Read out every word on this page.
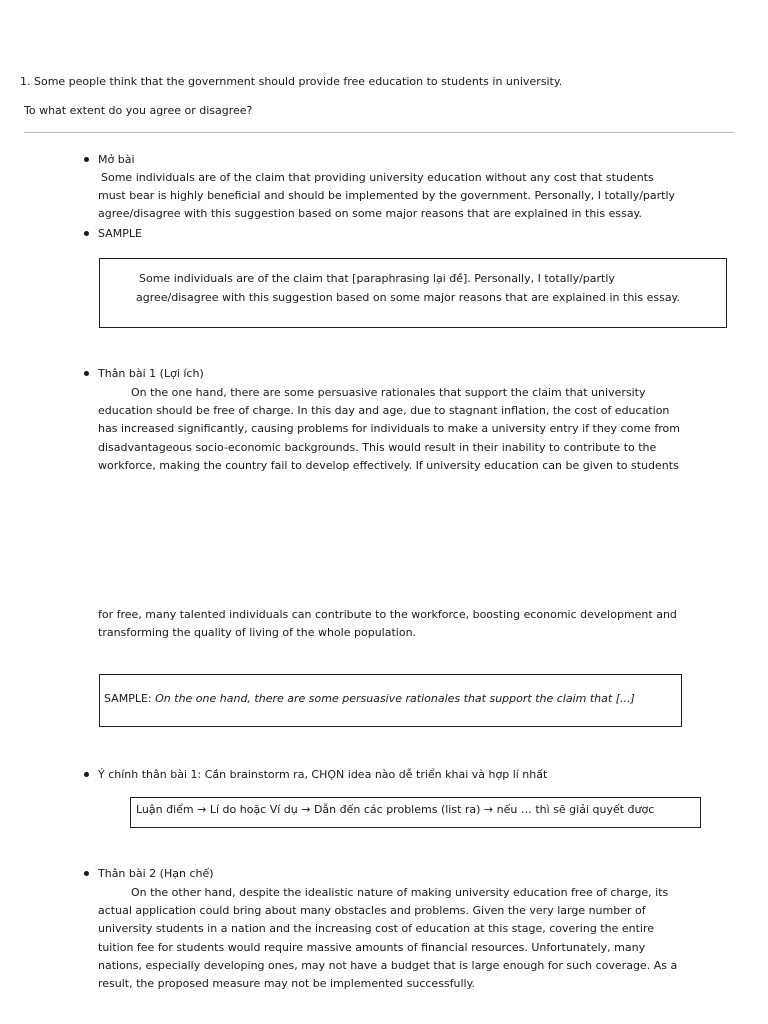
1. Some people think that the government should provide free education to students in university.
To what extent do you agree or disagree?
Mở bài
Some individuals are of the claim that providing university education without any cost that students
must bear is highly beneficial and should be implemented by the government. Personally, I totally/partly
agree/disagree with this suggestion based on some major reasons that are explained in this essay.
SAMPLE
Some individuals are of the claim that [paraphrasing lại đề]. Personally, I totally/partly
agree/disagree with this suggestion based on some major reasons that are explained in this essay.
Thân bài 1 (Lợi ích)
On the one hand, there are some persuasive rationales that support the claim that university
education should be free of charge. In this day and age, due to stagnant inflation, the cost of education
has increased significantly, causing problems for individuals to make a university entry if they come from
disadvantageous socio-economic backgrounds. This would result in their inability to contribute to the
workforce, making the country fail to develop effectively. If university education can be given to students
for free, many talented individuals can contribute to the workforce, boosting economic development and
transforming the quality of living of the whole population.
SAMPLE: On the one hand, there are some persuasive rationales that support the claim that [...]
Ý chính thân bài 1: Cần brainstorm ra, CHỌN idea nào dễ triển khai và hợp lí nhất
Luận điểm → Lí do hoặc Ví dụ → Dẫn đến các problems (list ra) → nếu … thì sẽ giải quyết được
Thân bài 2 (Hạn chế)
On the other hand, despite the idealistic nature of making university education free of charge, its
actual application could bring about many obstacles and problems. Given the very large number of
university students in a nation and the increasing cost of education at this stage, covering the entire
tuition fee for students would require massive amounts of financial resources. Unfortunately, many
nations, especially developing ones, may not have a budget that is large enough for such coverage. As a
result, the proposed measure may not be implemented successfully.
